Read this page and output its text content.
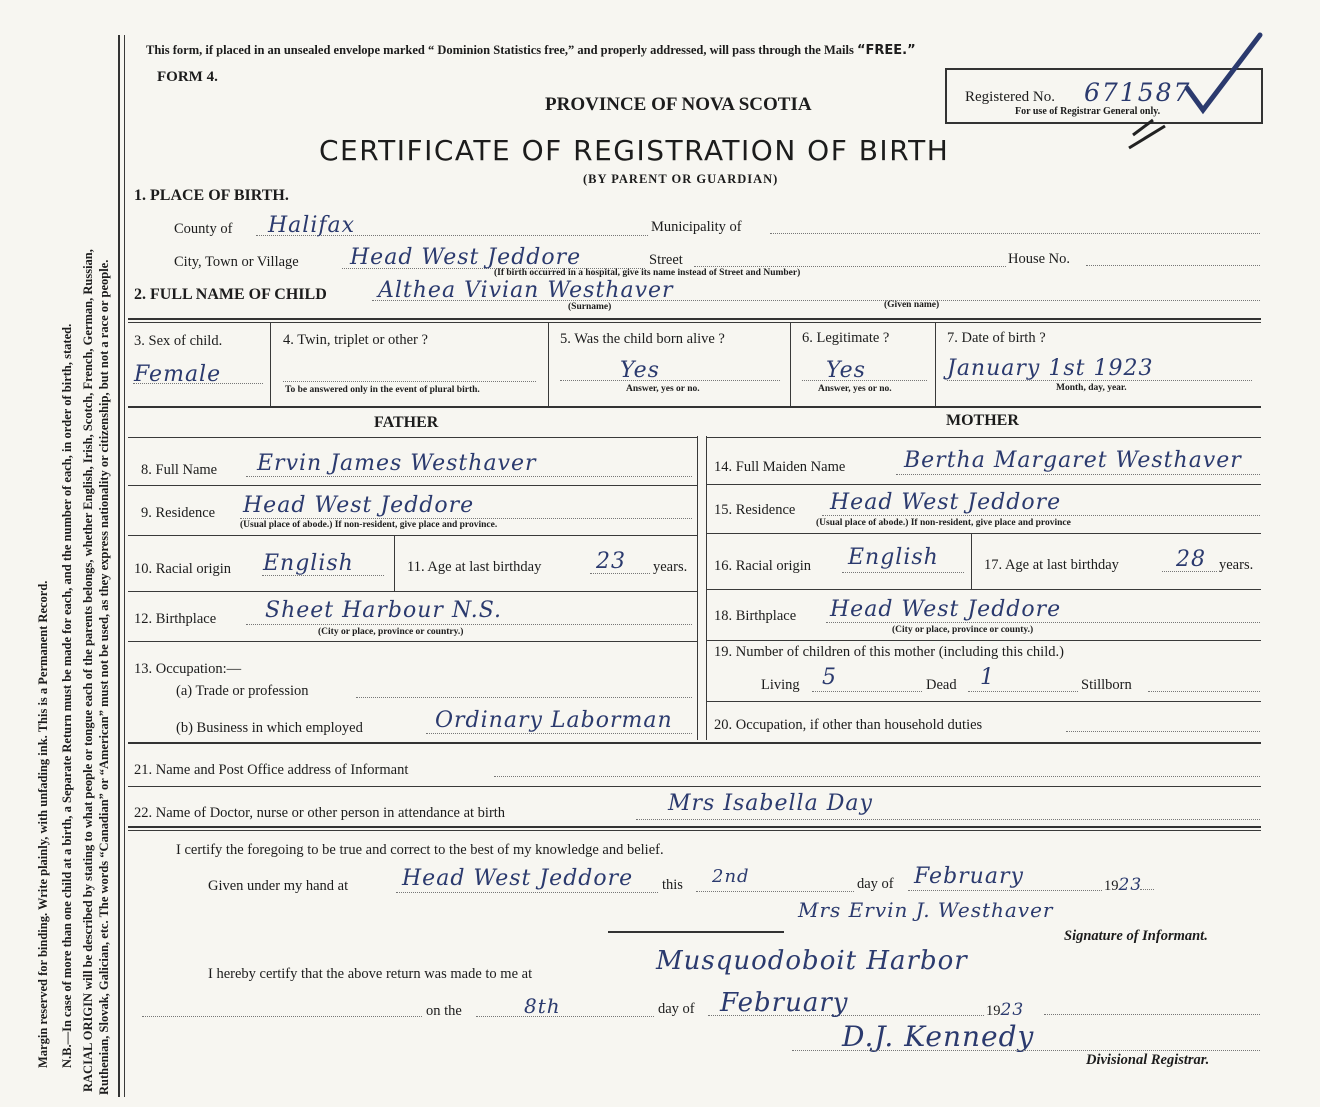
Margin reserved for binding. Write plainly, with unfading ink. This is a Permanent Record. N.B.—In case of more than one child at a birth, a Separate Return must be made for each, and the number of each, in order of birth, stated. RACIAL ORIGIN will be described by stating to what people or tongue each of the parents belongs, whether English, Irish, Scotch, French, German, Russian, Ruthenian, Slovak, Galician, etc. The words “Canadian” or “American” must not be used, as they express nationality or citizenship, but not a race or people.
This form, if placed in an unsealed envelope marked “ Dominion Statistics free,” and properly addressed, will pass through the Mails “FREE.”
FORM 4.
PROVINCE OF NOVA SCOTIA
CERTIFICATE OF REGISTRATION OF BIRTH
(BY PARENT OR GUARDIAN)
Registered No. 671587
For use of Registrar General only.
1. PLACE OF BIRTH.
County of Halifax	Municipality of
City, Town or Village Head West Jeddore	Street	House No.
(If birth occurred in a hospital, give its name instead of Street and Number)
2. FULL NAME OF CHILD Althea Vivian Westhaver
(Surname)	(Given name)
3. Sex of child.
Female
4. Twin, triplet or other ?
To be answered only in the event of plural birth.
5. Was the child born alive ?
Yes
Answer, yes or no.
6. Legitimate ?
Yes
Answer, yes or no.
7. Date of birth ?
January 1st 1923
Month, day, year.
FATHER	MOTHER
8. Full Name Ervin James Westhaver	14. Full Maiden Name	Bertha Margaret Westhaver
9. Residence Head West Jeddore
(Usual place of abode.) If non-resident, give place and province.
15. Residence Head West Jeddore
(Usual place of abode.) If non-resident, give place and province
10. Racial origin English	11. Age at last birthday 23 years. 16. Racial origin English	17. Age at last birthday	28 years.
12. Birthplace Sheet Harbour N.S.
(City or place, province or country.)
18. Birthplace Head West Jeddore
(City or place, province or county.)
13. Occupation:—
(a) Trade or profession
(b) Business in which employed	Ordinary Laborman
19. Number of children of this mother (including this child.)
Living 5	Dead 1	Stillborn
20. Occupation, if other than household duties
21. Name and Post Office address of Informant
22. Name of Doctor, nurse or other person in attendance at birth	Mrs Isabella Day
I certify the foregoing to be true and correct to the best of my knowledge and belief.
Given under my hand at Head West Jeddore this 2nd	day of February	1923
Mrs Ervin J. Westhaver
Signature of Informant.
I hereby certify that the above return was made to me at	Musquodoboit Harbor
on the	8th	day of February	1923
D.J. Kennedy
Divisional Registrar.
